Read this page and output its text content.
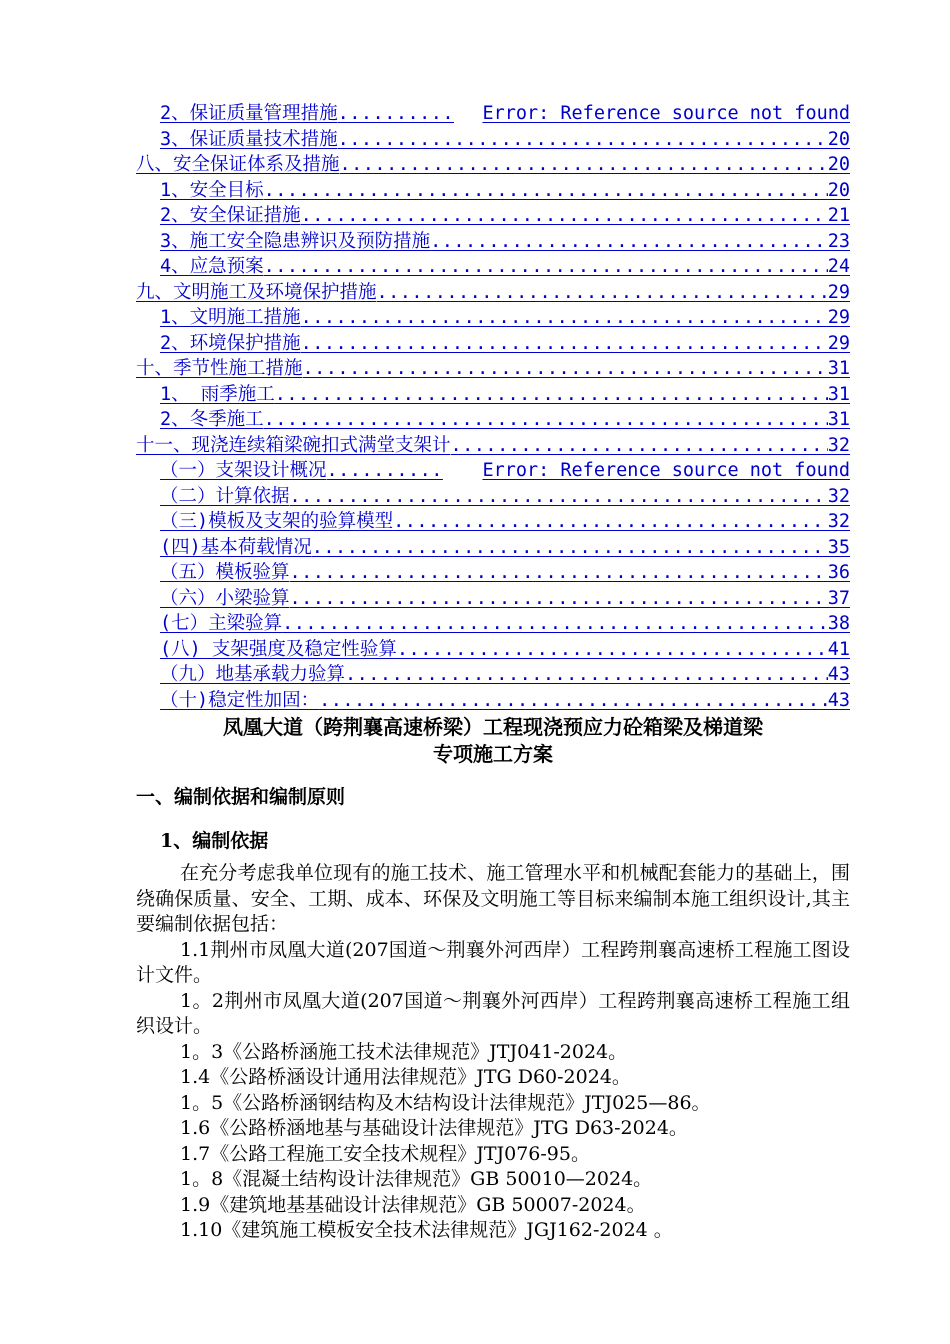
2、保证质量管理措施 .....	Error: Reference source not found
3、保证质量技术措施 .....	20
八、安全保证体系及措施 .....	20
1、安全目标 .....	20
2、安全保证措施 .....	21
3、施工安全隐患辨识及预防措施 .....	23
4、应急预案 .....	24
九、文明施工及环境保护措施 .....	29
1、文明施工措施 .....	29
2、环境保护措施 .....	29
十、季节性施工措施 .....	31
1、 雨季施工 .....	31
2、冬季施工 .....	31
十一、现浇连续箱梁碗扣式满堂支架计 .....	32
（一）支架设计概况 .....	Error: Reference source not found
（二）计算依据 .....	32
（三)模板及支架的验算模型 .....	32
(四)基本荷载情况 .....	35
（五）模板验算 .....	36
（六）小梁验算 .....	37
(七）主梁验算 .....	38
(八) 支架强度及稳定性验算 .....	41
（九）地基承载力验算 .....	43
（十)稳定性加固： .....	43
凤凰大道（跨荆襄高速桥梁）工程现浇预应力砼箱梁及梯道梁
专项施工方案
一、编制依据和编制原则
1、编制依据

在充分考虑我单位现有的施工技术、施工管理水平和机械配套能力的基础上，围绕确保质量、安全、工期、成本、环保及文明施工等目标来编制本施工组织设计,其主要编制依据包括：

1.1荆州市凤凰大道(207国道～荆襄外河西岸）工程跨荆襄高速桥工程施工图设计文件。

1。2荆州市凤凰大道(207国道～荆襄外河西岸）工程跨荆襄高速桥工程施工组织设计。

1。3《公路桥涵施工技术法律规范》JTJ041-2024。

1.4《公路桥涵设计通用法律规范》JTG D60-2024。

1。5《公路桥涵钢结构及木结构设计法律规范》JTJ025—86。

1.6《公路桥涵地基与基础设计法律规范》JTG D63-2024。

1.7《公路工程施工安全技术规程》JTJ076-95。

1。8《混凝土结构设计法律规范》GB 50010—2024。

1.9《建筑地基基础设计法律规范》GB 50007-2024。

1.10《建筑施工模板安全技术法律规范》JGJ162-2024 。
